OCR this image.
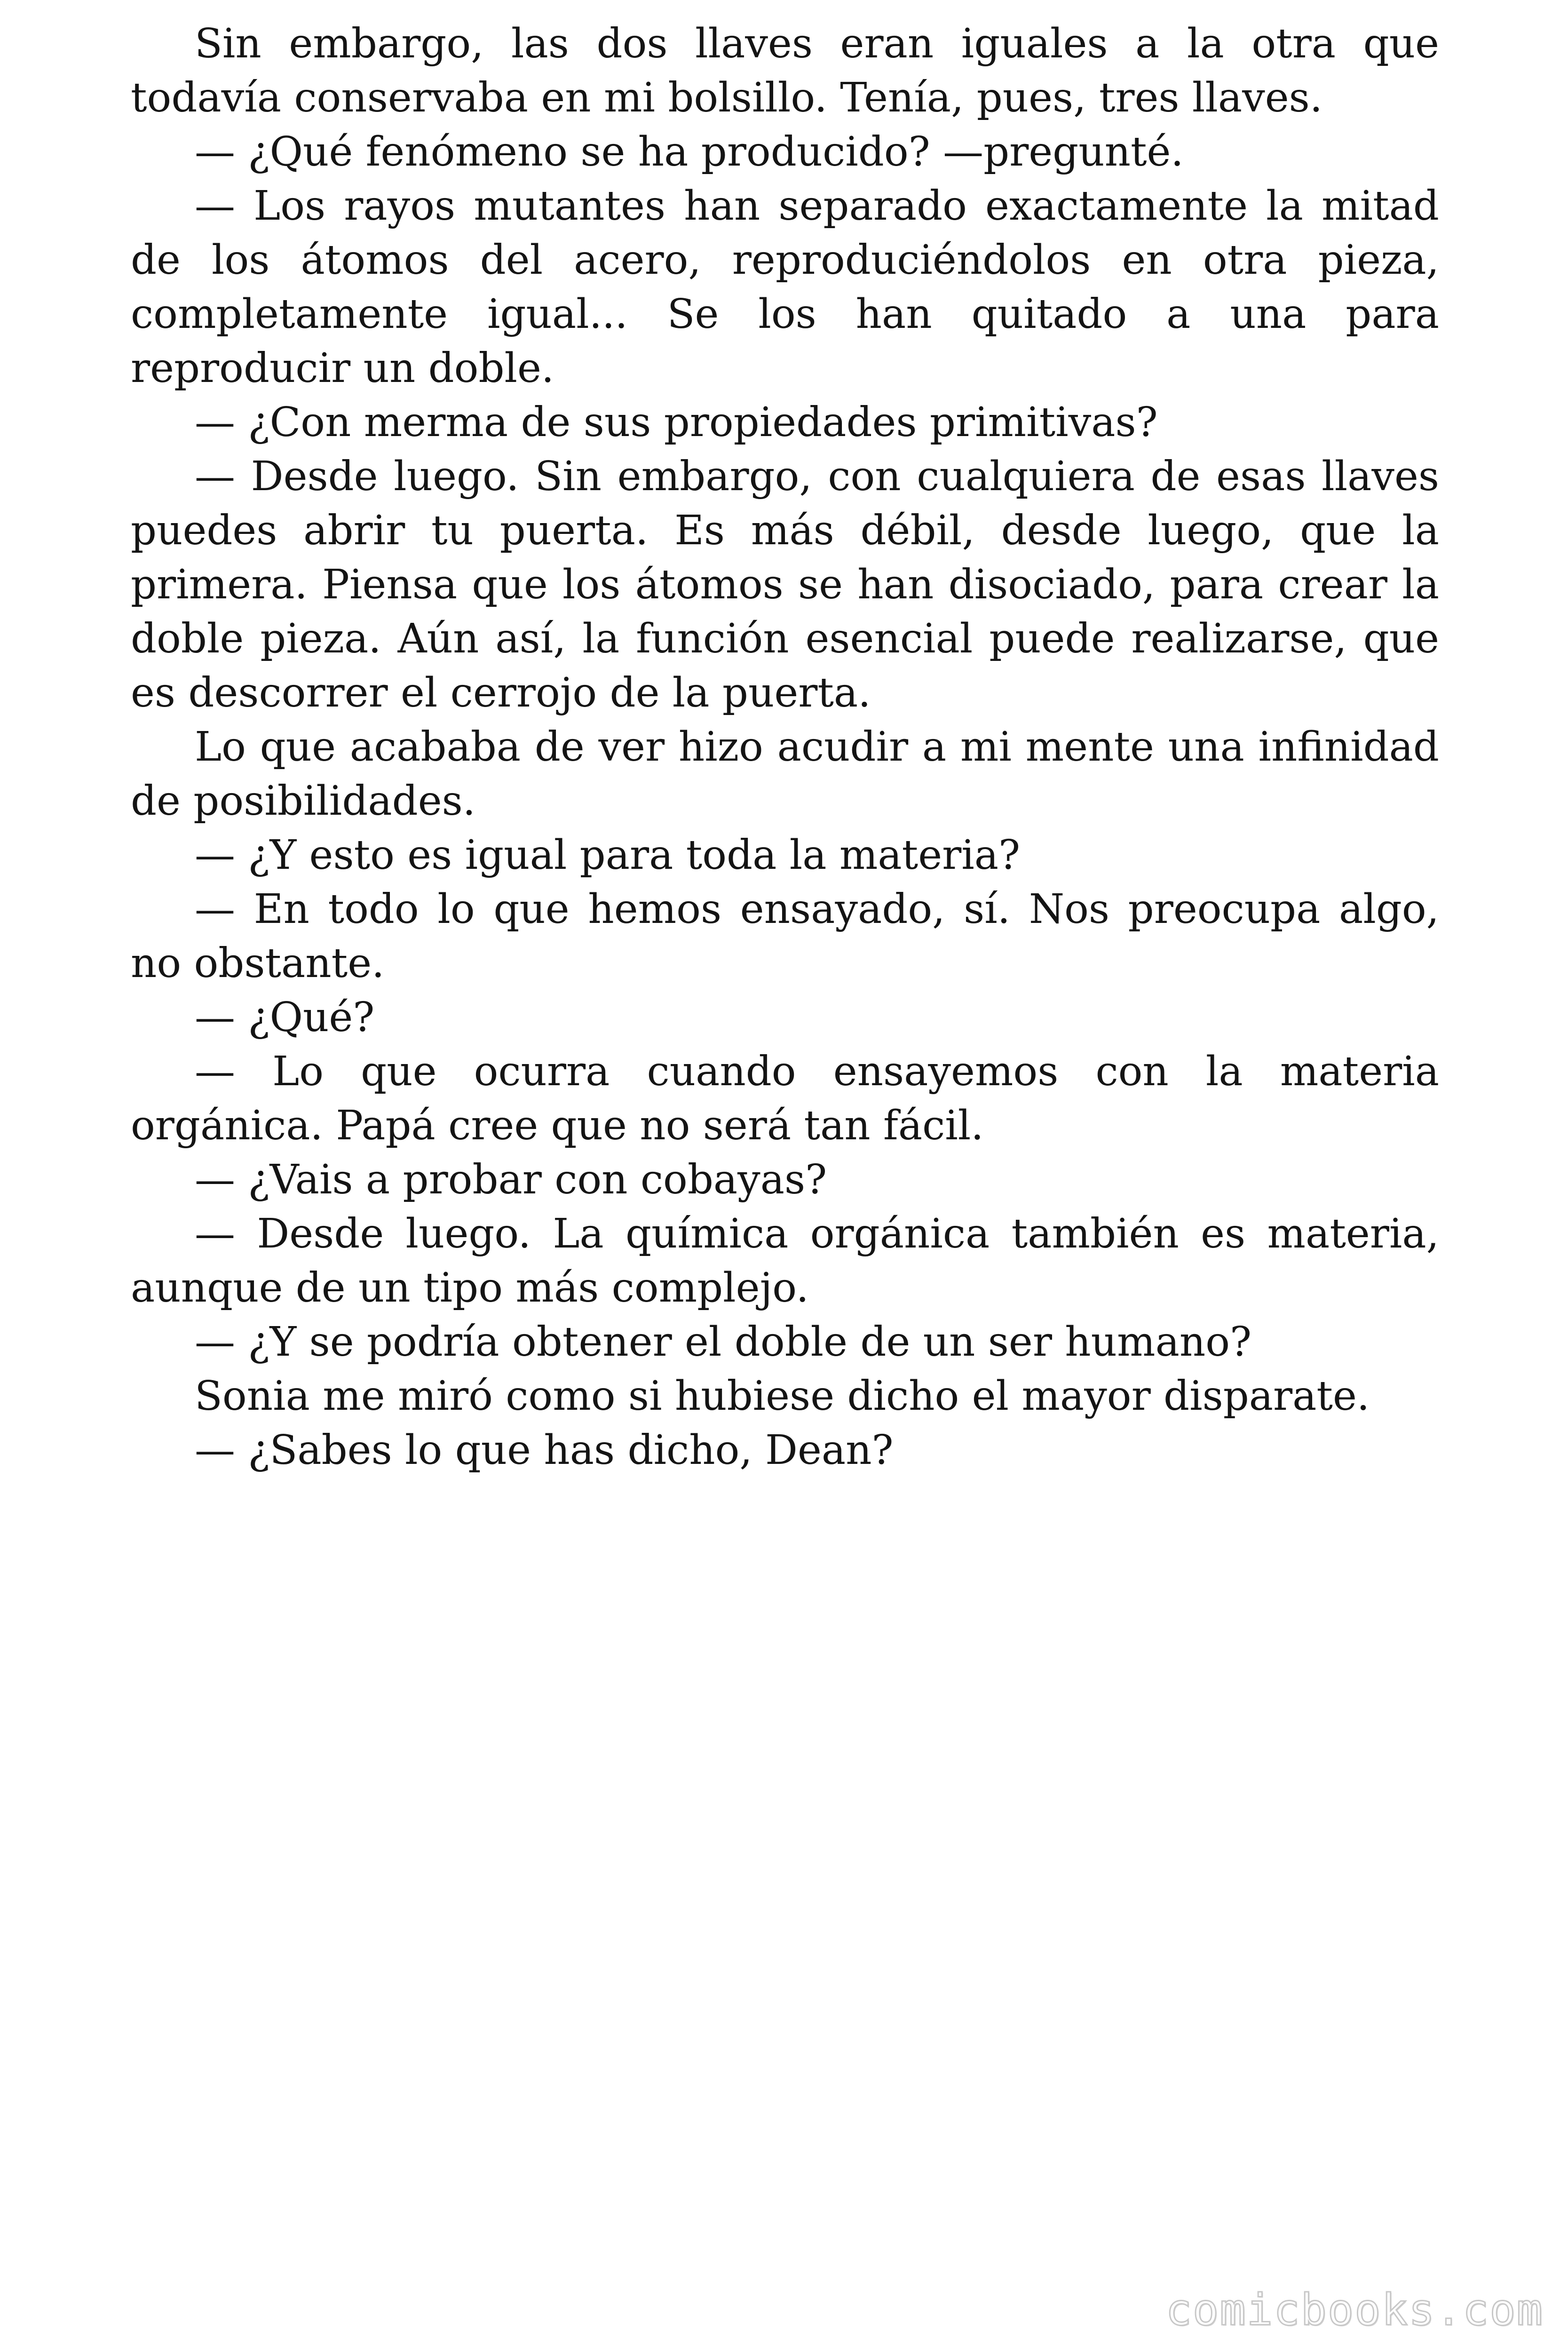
Sin embargo, las dos llaves eran iguales a la otra que todavía conservaba en mi bolsillo. Tenía, pues, tres llaves.

— ¿Qué fenómeno se ha producido? —pregunté.

— Los rayos mutantes han separado exactamente la mitad de los átomos del acero, reproduciéndolos en otra pieza, completamente igual... Se los han quitado a una para reproducir un doble.

— ¿Con merma de sus propiedades primitivas?

— Desde luego. Sin embargo, con cualquiera de esas llaves puedes abrir tu puerta. Es más débil, desde luego, que la primera. Piensa que los átomos se han disociado, para crear la doble pieza. Aún así, la función esencial puede realizarse, que es descorrer el cerrojo de la puerta.

Lo que acababa de ver hizo acudir a mi mente una infinidad de posibilidades.

— ¿Y esto es igual para toda la materia?

— En todo lo que hemos ensayado, sí. Nos preocupa algo, no obstante.

— ¿Qué?

— Lo que ocurra cuando ensayemos con la materia orgánica. Papá cree que no será tan fácil.

— ¿Vais a probar con cobayas?

— Desde luego. La química orgánica también es materia, aunque de un tipo más complejo.

— ¿Y se podría obtener el doble de un ser humano?

Sonia me miró como si hubiese dicho el mayor disparate.

— ¿Sabes lo que has dicho, Dean?

comicbooks.com
